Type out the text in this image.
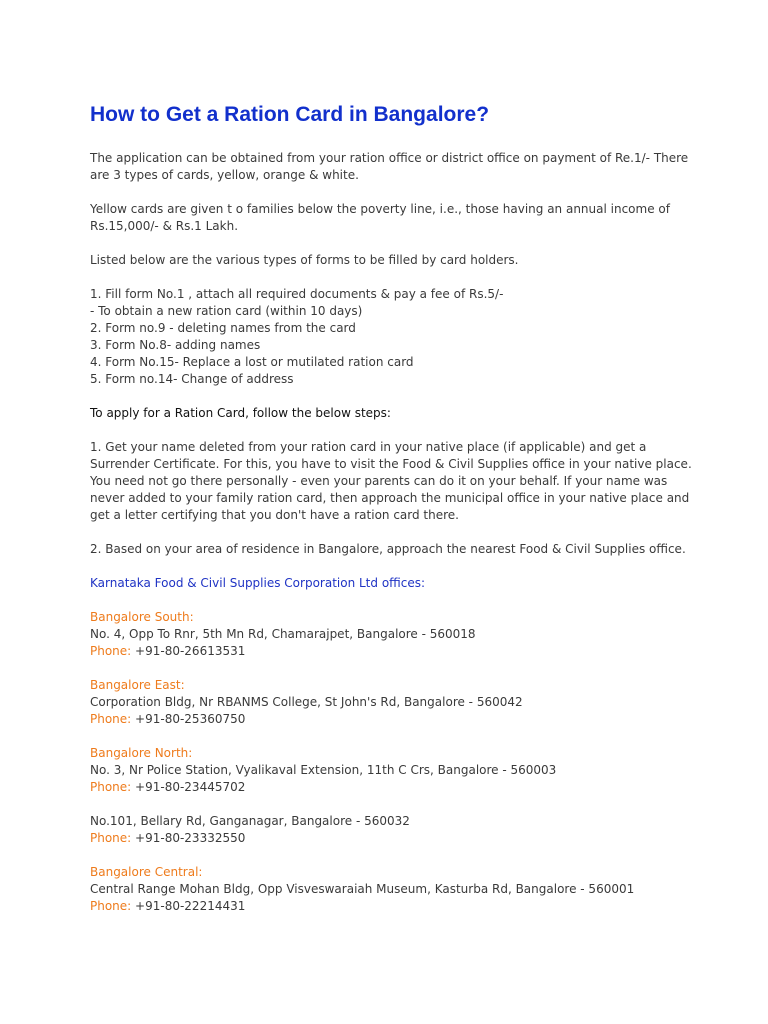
How to Get a Ration Card in Bangalore?

The application can be obtained from your ration office or district office on payment of Re.1/- There are 3 types of cards, yellow, orange & white.

Yellow cards are given t o families below the poverty line, i.e., those having an annual income of Rs.15,000/- & Rs.1 Lakh.

Listed below are the various types of forms to be filled by card holders.

1. Fill form No.1 , attach all required documents & pay a fee of Rs.5/-
- To obtain a new ration card (within 10 days)
2. Form no.9 - deleting names from the card
3. Form No.8- adding names
4. Form No.15- Replace a lost or mutilated ration card
5. Form no.14- Change of address
To apply for a Ration Card, follow the below steps:

1. Get your name deleted from your ration card in your native place (if applicable) and get a Surrender Certificate. For this, you have to visit the Food & Civil Supplies office in your native place. You need not go there personally - even your parents can do it on your behalf. If your name was never added to your family ration card, then approach the municipal office in your native place and get a letter certifying that you don't have a ration card there.

2. Based on your area of residence in Bangalore, approach the nearest Food & Civil Supplies office.

Karnataka Food & Civil Supplies Corporation Ltd offices:
Bangalore South:
No. 4, Opp To Rnr, 5th Mn Rd, Chamarajpet, Bangalore - 560018
Phone: +91-80-26613531
Bangalore East:
Corporation Bldg, Nr RBANMS College, St John's Rd, Bangalore - 560042
Phone: +91-80-25360750
Bangalore North:
No. 3, Nr Police Station, Vyalikaval Extension, 11th C Crs, Bangalore - 560003
Phone: +91-80-23445702
No.101, Bellary Rd, Ganganagar, Bangalore - 560032
Phone: +91-80-23332550
Bangalore Central:
Central Range Mohan Bldg, Opp Visveswaraiah Museum, Kasturba Rd, Bangalore - 560001
Phone: +91-80-22214431
